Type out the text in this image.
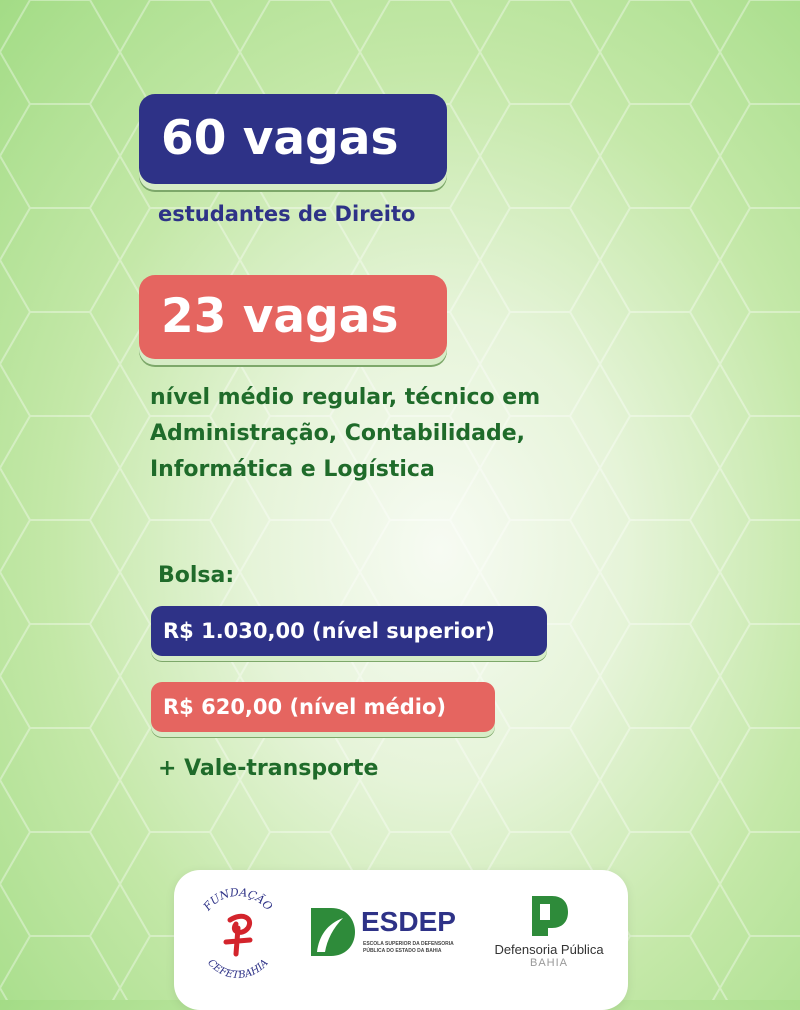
60 vagas
estudantes de Direito
23 vagas
nível médio regular, técnico em
Administração, Contabilidade,
Informática e Logística
Bolsa:
R$ 1.030,00 (nível superior)
R$ 620,00 (nível médio)
+ Vale-transporte
FUNDAÇÃO
CEFETBAHIA
ESDEP
ESCOLA SUPERIOR DA DEFENSORIA
PÚBLICA DO ESTADO DA BAHIA	Defensoria Pública
BAHIA
